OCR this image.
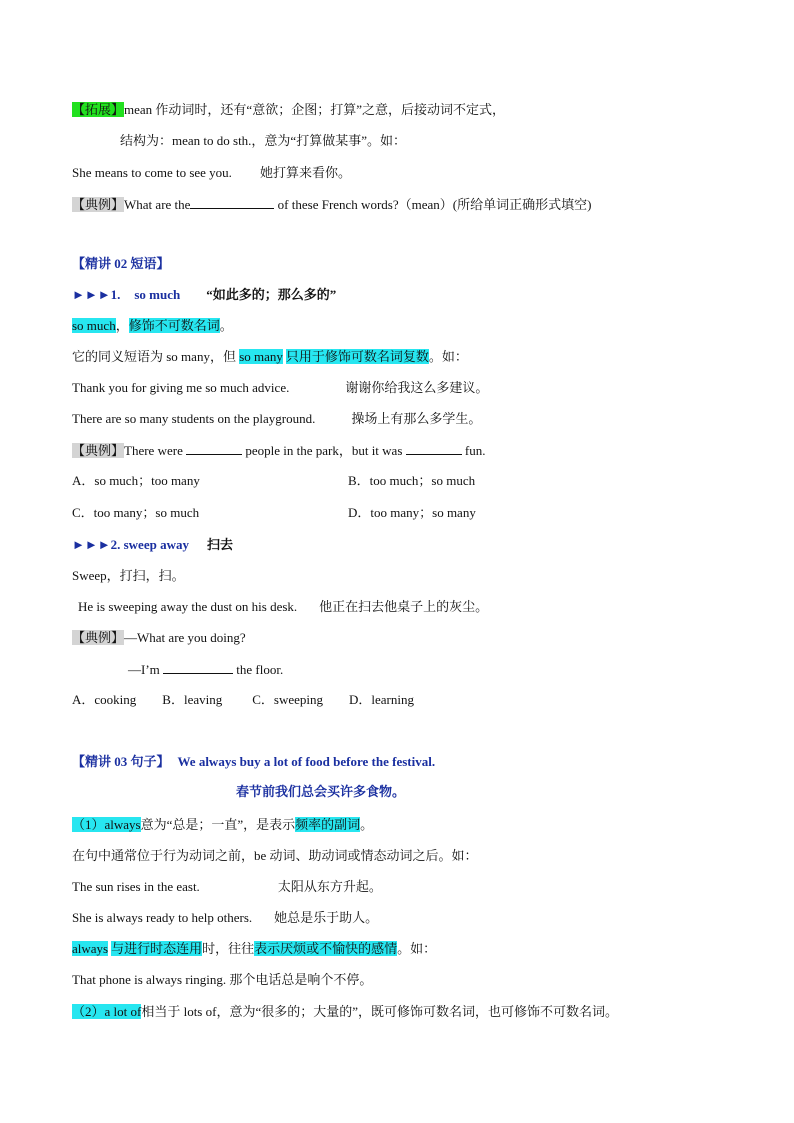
【拓展】mean 作动词时，还有“意欲；企图；打算”之意，后接动词不定式，
结构为：mean to do sth.，意为“打算做某事”。如：
She means to come to see you. 她打算来看你。
【典例】What are the	of these French words?（mean）(所给单词正确形式填空)
【精讲 02 短语】
►►►1. so much “如此多的；那么多的”
so much，修饰不可数名词。
它的同义短语为 so many，但 so many 只用于修饰可数名词复数。如：
Thank you for giving me so much advice.	谢谢你给我这么多建议。
There are so many students on the playground.	操场上有那么多学生。
【典例】There were	people in the park，but it was	fun.
A．so much；too many	B．too much；so much
C．too many；so much	D．too many；so many
►►►2. sweep away 扫去
Sweep，打扫，扫。
He is sweeping away the dust on his desk. 他正在扫去他桌子上的灰尘。
【典例】—What are you doing?
—I’m	the floor.
A．cooking B．leaving C．sweeping D．learning
【精讲 03 句子】 We always buy a lot of food before the festival.
春节前我们总会买许多食物。
（1）always意为“总是；一直”，是表示频率的副词。
在句中通常位于行为动词之前，be 动词、助动词或情态动词之后。如：
The sun rises in the east.	太阳从东方升起。
She is always ready to help others. 她总是乐于助人。
always 与进行时态连用时，往往表示厌烦或不愉快的感情。如：
That phone is always ringing. 那个电话总是响个不停。
（2）a lot of相当于 lots of，意为“很多的；大量的”，既可修饰可数名词，也可修饰不可数名词。
